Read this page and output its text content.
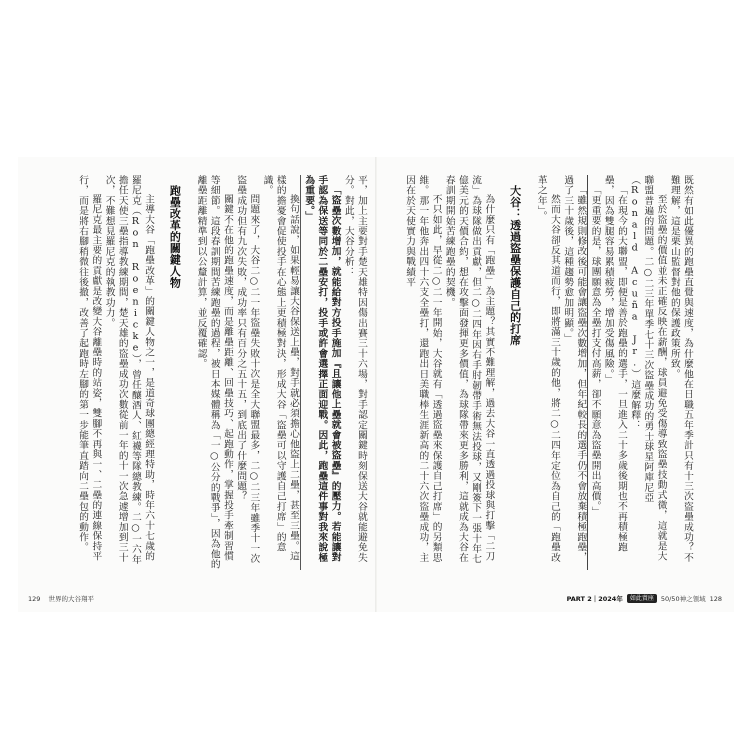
平，加上主要對手楚天雄特因傷出賽三十六場，對手認定關鍵時刻保送大谷就能避免失分。對此，大谷分析：

「盜壘次數增加，就能給對方投手施加『且讓他上壘就會被盜壘』的壓力。若能讓對手認為保送等同於二壘安打，投手或許會選擇正面迎戰。因此，跑壘這件事對我來說極為重要。」

換句話說，如果輕易讓大谷保送上壘，對手就必須擔心他盜上二壘，甚至三壘。這樣的擔憂會促使投手在心態上更積極對決，形成大谷「盜壘可以守護自己打席」的意識。

問題來了，大谷二○二一年盜壘失敗十次是全大聯盟最多，二○二三年雖季十一次盜壘成功但有九次失敗，成功率只有百分之五十五，到底出了什麼問題？

關鍵不在他的跑壘速度，而是離壘距離、回壘技巧、起跑動作，掌握投手牽制習慣等細節。這段春訓期間苦練跑壘的過程，被日本媒體稱為「一○公分的戰爭」，因為他的離壘距離精準到以公釐計算，並反覆確認。

跑壘改革的關鍵人物

主導大谷「跑壘改革」的關鍵人物之一，是道奇球團總經理特助，時年六十七歲的羅尼克（Ron Roenicke），曾任釀酒人、紅襪等隊總教練。二○一六年擔任天使三壘指導教練期間，楚天雄的盜壘成功次數從前一年的十一次急遽增加到三十次，不難想見羅尼克的執教功力。

羅尼克最主要的貢獻是改變大谷離壘時的站姿，雙腳不再與一、二壘的連線保持平行，而是將右腳稍微往後撤，改善了起跑時左腳的第一步能筆直踏向二壘包的動作。

129 世界的大谷翔平

既然有如此優異的跑壘直覺與速度，為什麼他在日職五年季計只有十三次盜壘成功？不難理解，這是栗山監督對他的保護政策所致。

至於盜壘的價值並未正確反映在薪酬，球員避免受傷導致盜壘技動式微，這就是大聯盟普遍的問題。二○二三年單季七十三次盜壘成功的勇士球星阿庫尼亞（Ronald Acuña Jr.）這麼解釋：

「在現今的大聯盟，即便是善於跑壘的選手，一旦進入二十多歲後期也不再積極跑壘，因為雙腿容易累積疲勞，增加受傷風險。」

「更重要的是，球團願意為全壘打支付高薪，卻不願意為盜壘開出高價。」

「雖然規則修改後可能會讓盜壘次數增加，但年紀較長的選手仍不會放棄積極跑壘，過了三十歲後，這種趨勢愈加明顯。」

然而大谷卻反其道而行，即將滿三十歲的他，將二○二四年定位為自己的「跑壘改革之年」。

大谷：透過盜壘保護自己的打席

為什麼只有「跑壘」為主題？其實不難理解，過去大谷一直透過投球與打擊「二刀流」為球隊做出貢獻，但二○二四年因右手肘韌帶手術無法投球，又剛簽下一張十年七億美元的天價合約，想在攻擊面發揮更多價值，為球隊帶來更多勝利，這就成為大谷在春訓期開始苦練跑壘的契機。

不只如此，早從二○二一年開始，大谷就有「透過盜壘來保護自己打席」的另類思維。那一年他奔出四十六支全壘打，還跑出日美職棒生涯新高的二十六次盜壘成功，主因在於天使實力與戰績平

PART 2｜2024年	如此賣座	50/50神之領域 128
